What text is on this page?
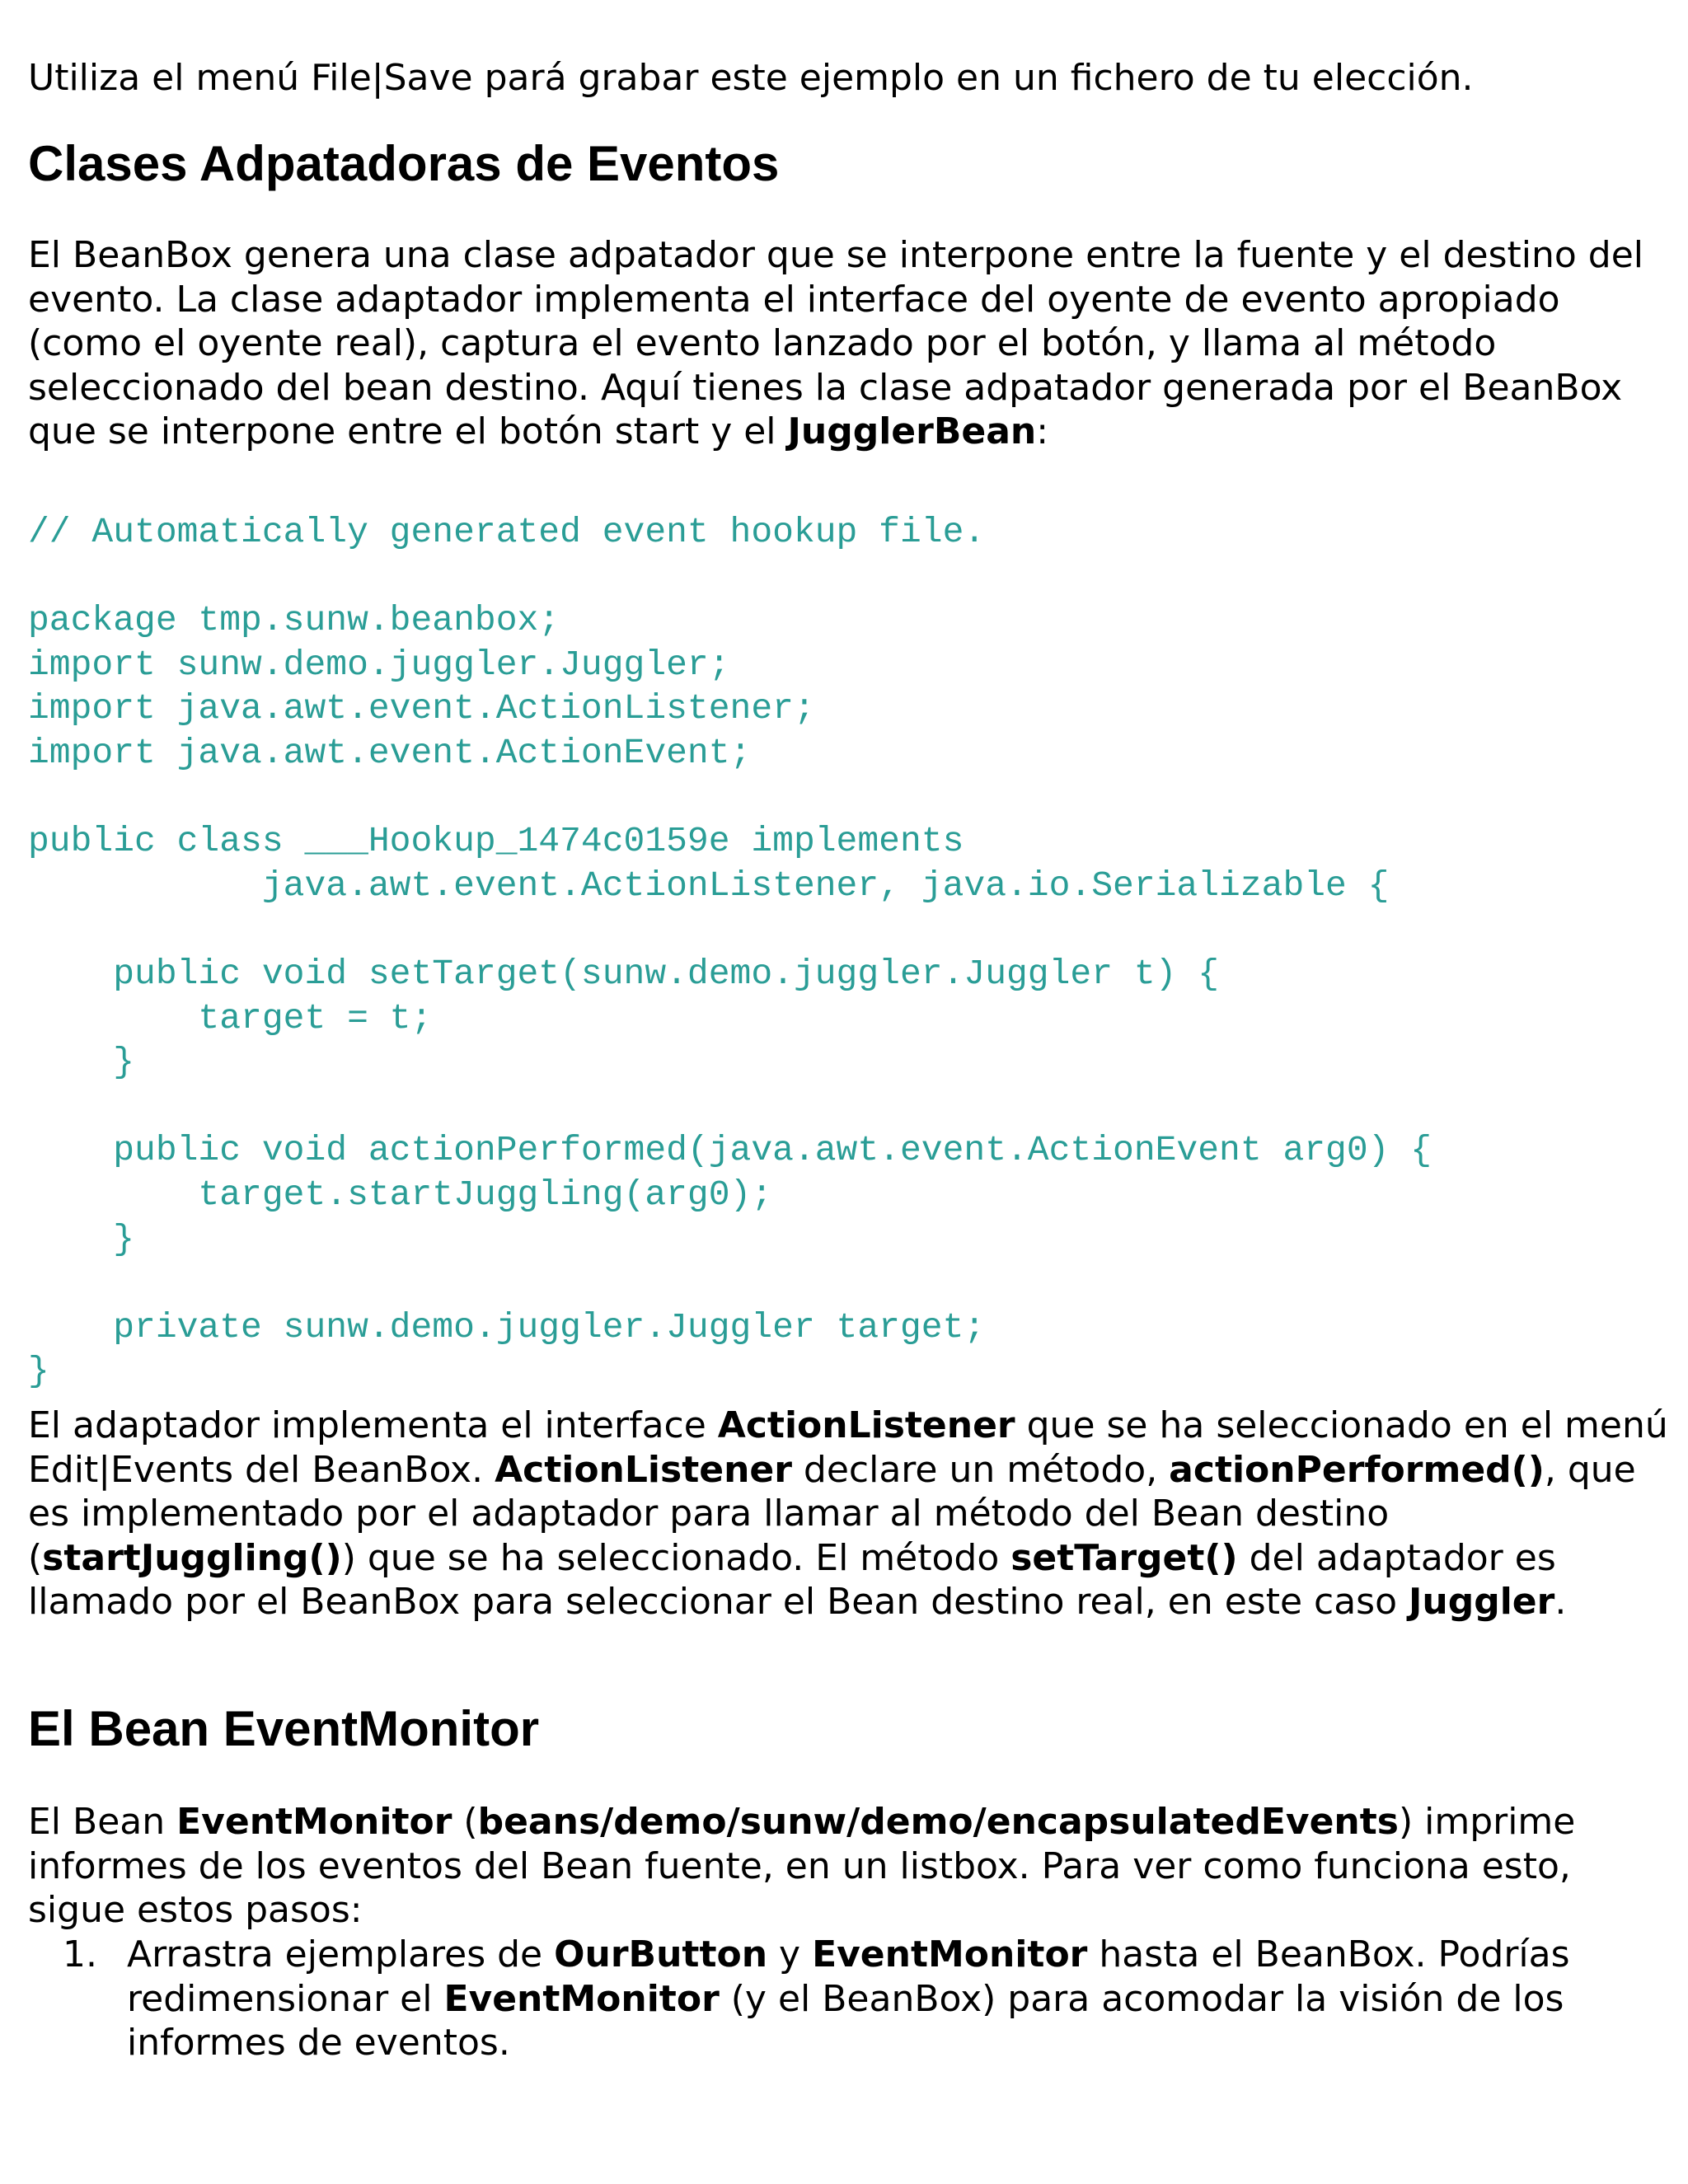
Utiliza el menú File|Save pará grabar este ejemplo en un fichero de tu elección.

Clases Adpatadoras de Eventos

El BeanBox genera una clase adpatador que se interpone entre la fuente y el destino del evento. La clase adaptador implementa el interface del oyente de evento apropiado (como el oyente real), captura el evento lanzado por el botón, y llama al método seleccionado del bean destino. Aquí tienes la clase adpatador generada por el BeanBox que se interpone entre el botón start y el JugglerBean:

// Automatically generated event hookup file.

package tmp.sunw.beanbox;
import sunw.demo.juggler.Juggler;
import java.awt.event.ActionListener;
import java.awt.event.ActionEvent;

public class ___Hookup_1474c0159e implements
java.awt.event.ActionListener, java.io.Serializable {

public void setTarget(sunw.demo.juggler.Juggler t) {
target = t;
}

public void actionPerformed(java.awt.event.ActionEvent arg0) {
target.startJuggling(arg0);
}

private sunw.demo.juggler.Juggler target;
}

El adaptador implementa el interface ActionListener que se ha seleccionado en el menú Edit|Events del BeanBox. ActionListener declare un método, actionPerformed(), que es implementado por el adaptador para llamar al método del Bean destino (startJuggling()) que se ha seleccionado. El método setTarget() del adaptador es llamado por el BeanBox para seleccionar el Bean destino real, en este caso Juggler.

El Bean EventMonitor

El Bean EventMonitor (beans/demo/sunw/demo/encapsulatedEvents) imprime informes de los eventos del Bean fuente, en un listbox. Para ver como funciona esto, sigue estos pasos:

1. Arrastra ejemplares de OurButton y EventMonitor hasta el BeanBox. Podrías redimensionar el EventMonitor (y el BeanBox) para acomodar la visión de los informes de eventos.
